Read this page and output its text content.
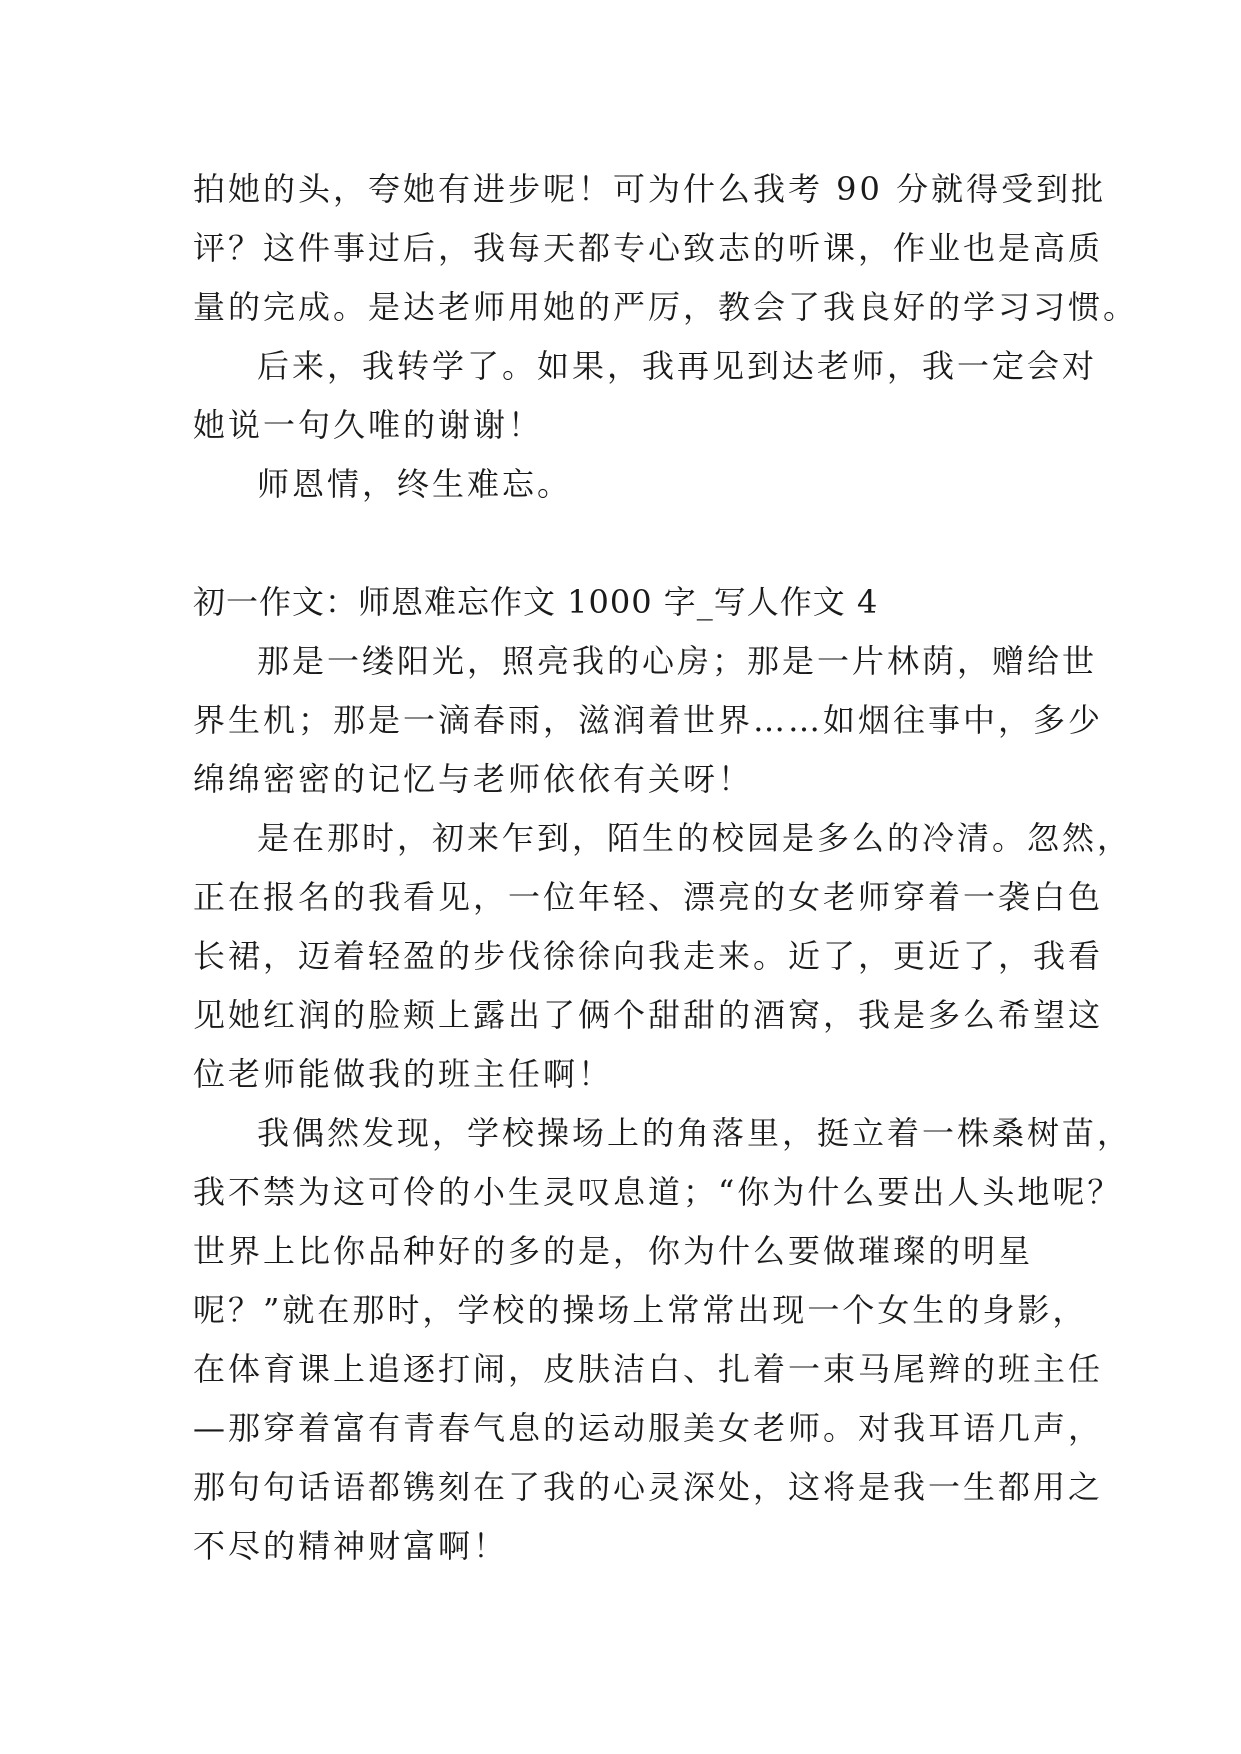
拍她的头，夸她有进步呢！可为什么我考 90 分就得受到批
评？这件事过后，我每天都专心致志的听课，作业也是高质
量的完成。是达老师用她的严厉，教会了我良好的学习习惯。
后来，我转学了。如果，我再见到达老师，我一定会对
她说一句久唯的谢谢！
师恩情，终生难忘。
初一作文：师恩难忘作文 1000 字_写人作文 4
那是一缕阳光，照亮我的心房；那是一片林荫，赠给世
界生机；那是一滴春雨，滋润着世界……如烟往事中，多少
绵绵密密的记忆与老师依依有关呀！
是在那时，初来乍到，陌生的校园是多么的冷清。忽然，
正在报名的我看见，一位年轻、漂亮的女老师穿着一袭白色
长裙，迈着轻盈的步伐徐徐向我走来。近了，更近了，我看
见她红润的脸颊上露出了俩个甜甜的酒窝，我是多么希望这
位老师能做我的班主任啊！
我偶然发现，学校操场上的角落里，挺立着一株桑树苗，
我不禁为这可伶的小生灵叹息道；“你为什么要出人头地呢？
世界上比你品种好的多的是，你为什么要做璀璨的明星
呢？”就在那时，学校的操场上常常出现一个女生的身影，
在体育课上追逐打闹，皮肤洁白、扎着一束马尾辫的班主任
—那穿着富有青春气息的运动服美女老师。对我耳语几声，
那句句话语都镌刻在了我的心灵深处，这将是我一生都用之
不尽的精神财富啊！
